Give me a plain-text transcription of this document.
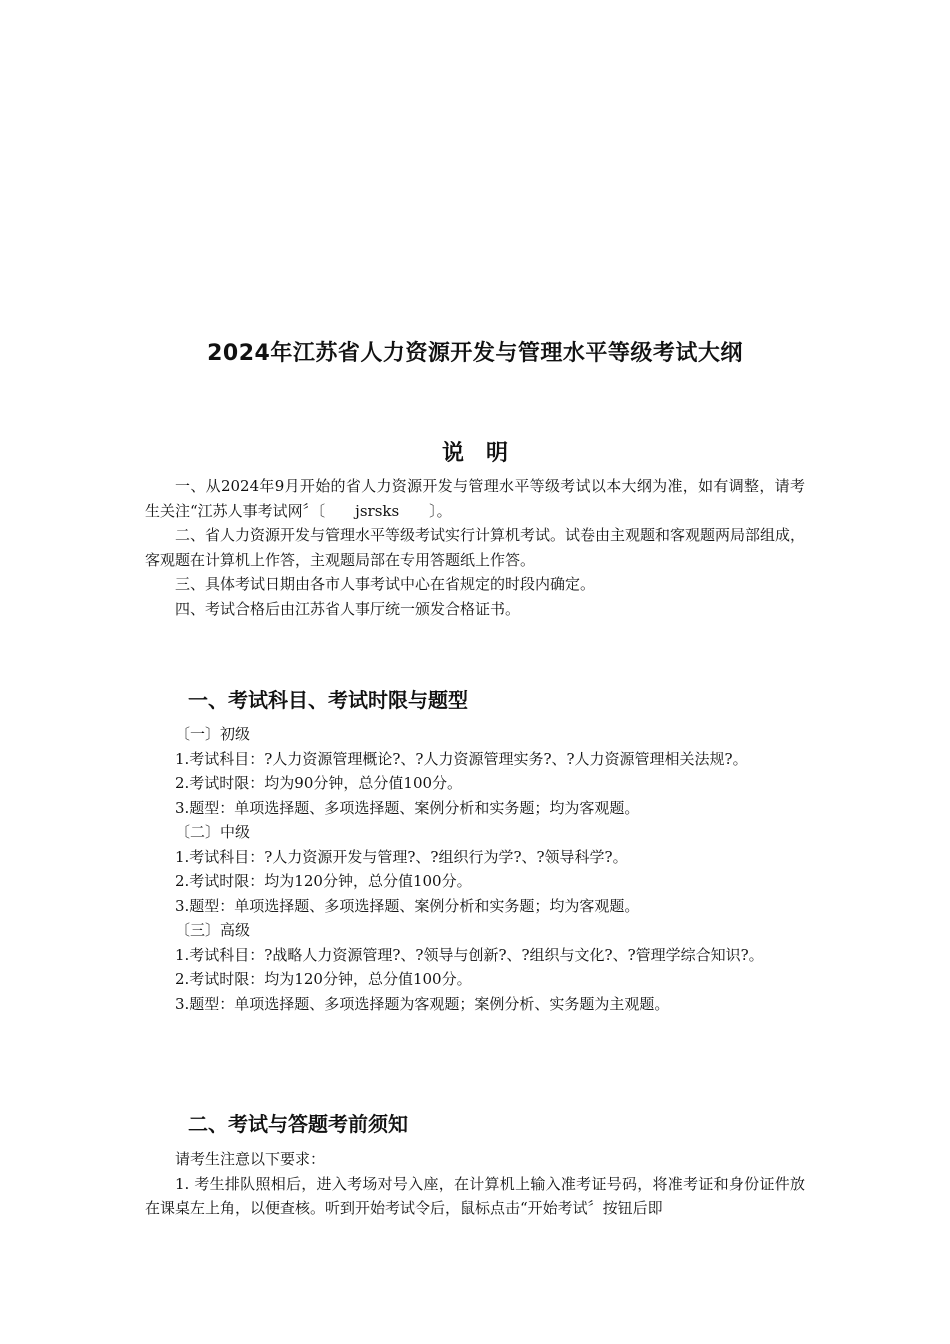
2024年江苏省人力资源开发与管理水平等级考试大纲
说明

一、从2024年9月开始的省人力资源开发与管理水平等级考试以本大纲为准，如有调整，请考生关注“江苏人事考试网〞〔　　jsrsks　　〕。

二、省人力资源开发与管理水平等级考试实行计算机考试。试卷由主观题和客观题两局部组成，客观题在计算机上作答，主观题局部在专用答题纸上作答。

三、具体考试日期由各市人事考试中心在省规定的时段内确定。

四、考试合格后由江苏省人事厅统一颁发合格证书。

一、考试科目、考试时限与题型

〔一〕初级

1.考试科目：?人力资源管理概论?、?人力资源管理实务?、?人力资源管理相关法规?。

2.考试时限：均为90分钟，总分值100分。

3.题型：单项选择题、多项选择题、案例分析和实务题；均为客观题。

〔二〕中级

1.考试科目：?人力资源开发与管理?、?组织行为学?、?领导科学?。

2.考试时限：均为120分钟，总分值100分。

3.题型：单项选择题、多项选择题、案例分析和实务题；均为客观题。

〔三〕高级

1.考试科目：?战略人力资源管理?、?领导与创新?、?组织与文化?、?管理学综合知识?。

2.考试时限：均为120分钟，总分值100分。

3.题型：单项选择题、多项选择题为客观题；案例分析、实务题为主观题。

二、考试与答题考前须知

请考生注意以下要求：

1. 考生排队照相后，进入考场对号入座，在计算机上输入准考证号码，将准考证和身份证件放在课桌左上角，以便查核。听到开始考试令后，鼠标点击“开始考试〞按钮后即
